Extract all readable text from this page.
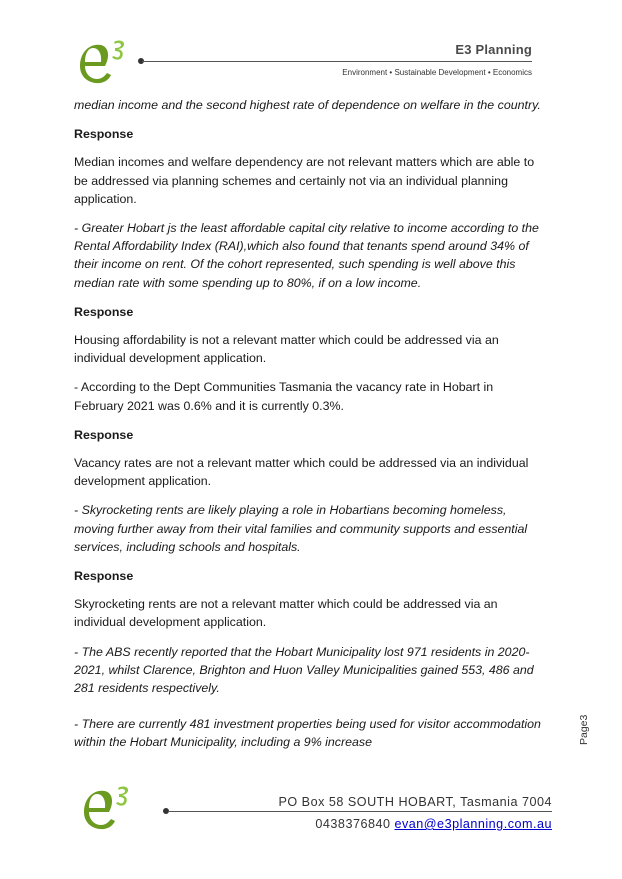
E3 Planning
Environment • Sustainable Development • Economics

median income and the second highest rate of dependence on welfare in the country.

Response

Median incomes and welfare dependency are not relevant matters which are able to be addressed via planning schemes and certainly not via an individual planning application.

- Greater Hobart js the least affordable capital city relative to income according to the Rental Affordability Index (RAI),which also found that tenants spend around 34% of their income on rent. Of the cohort represented, such spending is well above this median rate with some spending up to 80%, if on a low income.

Response

Housing affordability is not a relevant matter which could be addressed via an individual development application.

- According to the Dept Communities Tasmania the vacancy rate in Hobart in February 2021 was 0.6% and it is currently 0.3%.

Response

Vacancy rates are not a relevant matter which could be addressed via an individual development application.

- Skyrocketing rents are likely playing a role in Hobartians becoming homeless, moving further away from their vital families and community supports and essential services, including schools and hospitals.

Response

Skyrocketing rents are not a relevant matter which could be addressed via an individual development application.

- The ABS recently reported that the Hobart Municipality lost 971 residents in 2020-2021, whilst Clarence, Brighton and Huon Valley Municipalities gained 553, 486 and 281 residents respectively.

- There are currently 481 investment properties being used for visitor accommodation within the Hobart Municipality, including a 9% increase	Page3
PO Box 58 SOUTH HOBART, Tasmania 7004
0438376840 evan@e3planning.com.au
